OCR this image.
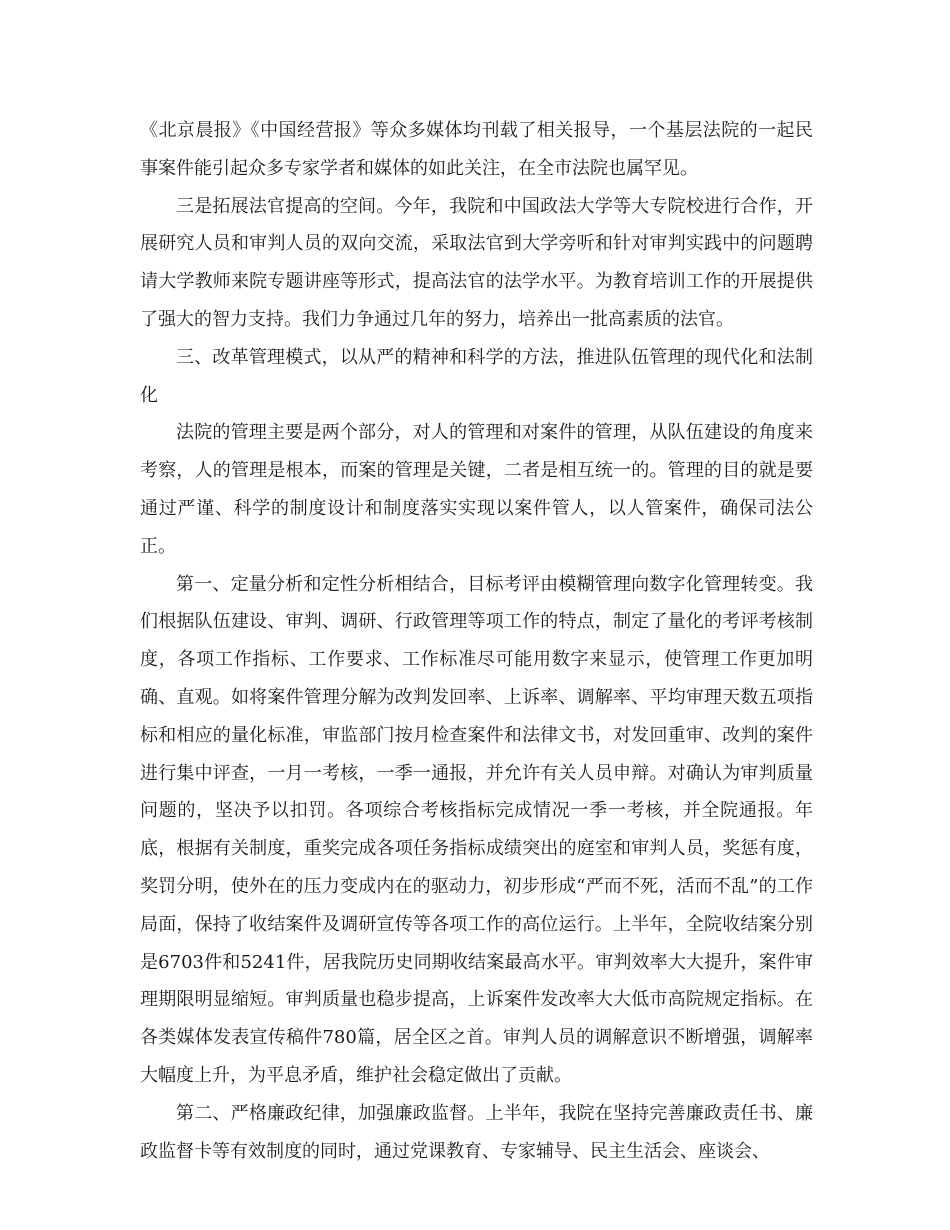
《北京晨报》《中国经营报》等众多媒体均刊载了相关报导，一个基层法院的一起民事案件能引起众多专家学者和媒体的如此关注，在全市法院也属罕见。

三是拓展法官提高的空间。今年，我院和中国政法大学等大专院校进行合作，开展研究人员和审判人员的双向交流，采取法官到大学旁听和针对审判实践中的问题聘请大学教师来院专题讲座等形式，提高法官的法学水平。为教育培训工作的开展提供了强大的智力支持。我们力争通过几年的努力，培养出一批高素质的法官。

三、改革管理模式，以从严的精神和科学的方法，推进队伍管理的现代化和法制化

法院的管理主要是两个部分，对人的管理和对案件的管理，从队伍建设的角度来考察，人的管理是根本，而案的管理是关键，二者是相互统一的。管理的目的就是要通过严谨、科学的制度设计和制度落实实现以案件管人，以人管案件，确保司法公正。

第一、定量分析和定性分析相结合，目标考评由模糊管理向数字化管理转变。我们根据队伍建设、审判、调研、行政管理等项工作的特点，制定了量化的考评考核制度，各项工作指标、工作要求、工作标准尽可能用数字来显示，使管理工作更加明确、直观。如将案件管理分解为改判发回率、上诉率、调解率、平均审理天数五项指标和相应的量化标准，审监部门按月检查案件和法律文书，对发回重审、改判的案件进行集中评查，一月一考核，一季一通报，并允许有关人员申辩。对确认为审判质量问题的，坚决予以扣罚。各项综合考核指标完成情况一季一考核，并全院通报。年底，根据有关制度，重奖完成各项任务指标成绩突出的庭室和审判人员，奖惩有度，奖罚分明，使外在的压力变成内在的驱动力，初步形成“严而不死，活而不乱”的工作局面，保持了收结案件及调研宣传等各项工作的高位运行。上半年，全院收结案分别是6703件和5241件，居我院历史同期收结案最高水平。审判效率大大提升，案件审理期限明显缩短。审判质量也稳步提高，上诉案件发改率大大低市高院规定指标。在各类媒体发表宣传稿件780篇，居全区之首。审判人员的调解意识不断增强，调解率大幅度上升，为平息矛盾，维护社会稳定做出了贡献。

第二、严格廉政纪律，加强廉政监督。上半年，我院在坚持完善廉政责任书、廉政监督卡等有效制度的同时，通过党课教育、专家辅导、民主生活会、座谈会、
